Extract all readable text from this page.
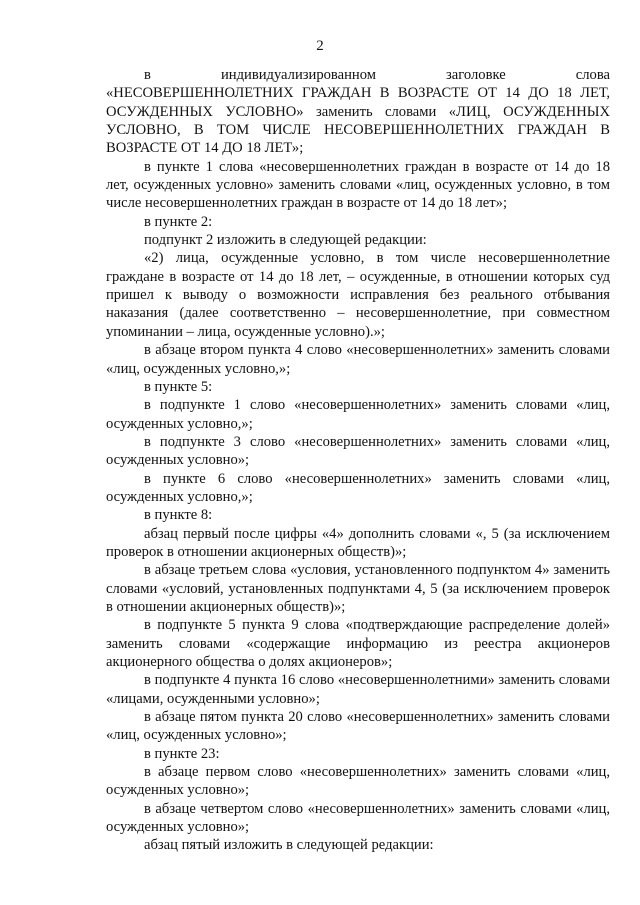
2
в	индивидуализированном	заголовке	слова

«НЕСОВЕРШЕННОЛЕТНИХ ГРАЖДАН В ВОЗРАСТЕ ОТ 14 ДО 18 ЛЕТ, ОСУЖДЕННЫХ УСЛОВНО» заменить словами «ЛИЦ, ОСУЖДЕННЫХ УСЛОВНО, В ТОМ ЧИСЛЕ НЕСОВЕРШЕННОЛЕТНИХ ГРАЖДАН В ВОЗРАСТЕ ОТ 14 ДО 18 ЛЕТ»;

в пункте 1 слова «несовершеннолетних граждан в возрасте от 14 до 18 лет, осужденных условно» заменить словами «лиц, осужденных условно, в том числе несовершеннолетних граждан в возрасте от 14 до 18 лет»;

в пункте 2:

подпункт 2 изложить в следующей редакции:

«2) лица, осужденные условно, в том числе несовершеннолетние граждане в возрасте от 14 до 18 лет, – осужденные, в отношении которых суд пришел к выводу о возможности исправления без реального отбывания наказания (далее соответственно – несовершеннолетние, при совместном упоминании – лица, осужденные условно).»;

в абзаце втором пункта 4 слово «несовершеннолетних» заменить словами «лиц, осужденных условно,»;

в пункте 5:

в подпункте 1 слово «несовершеннолетних» заменить словами «лиц, осужденных условно,»;

в подпункте 3 слово «несовершеннолетних» заменить словами «лиц, осужденных условно»;

в пункте 6 слово «несовершеннолетних» заменить словами «лиц, осужденных условно,»;

в пункте 8:

абзац первый после цифры «4» дополнить словами «, 5 (за исключением проверок в отношении акционерных обществ)»;

в абзаце третьем слова «условия, установленного подпунктом 4» заменить словами «условий, установленных подпунктами 4, 5 (за исключением проверок в отношении акционерных обществ)»;

в подпункте 5 пункта 9 слова «подтверждающие распределение долей» заменить словами «содержащие информацию из реестра акционеров акционерного общества о долях акционеров»;

в подпункте 4 пункта 16 слово «несовершеннолетними» заменить словами «лицами, осужденными условно»;

в абзаце пятом пункта 20 слово «несовершеннолетних» заменить словами «лиц, осужденных условно»;

в пункте 23:

в абзаце первом слово «несовершеннолетних» заменить словами «лиц, осужденных условно»;

в абзаце четвертом слово «несовершеннолетних» заменить словами «лиц, осужденных условно»;

абзац пятый изложить в следующей редакции:
